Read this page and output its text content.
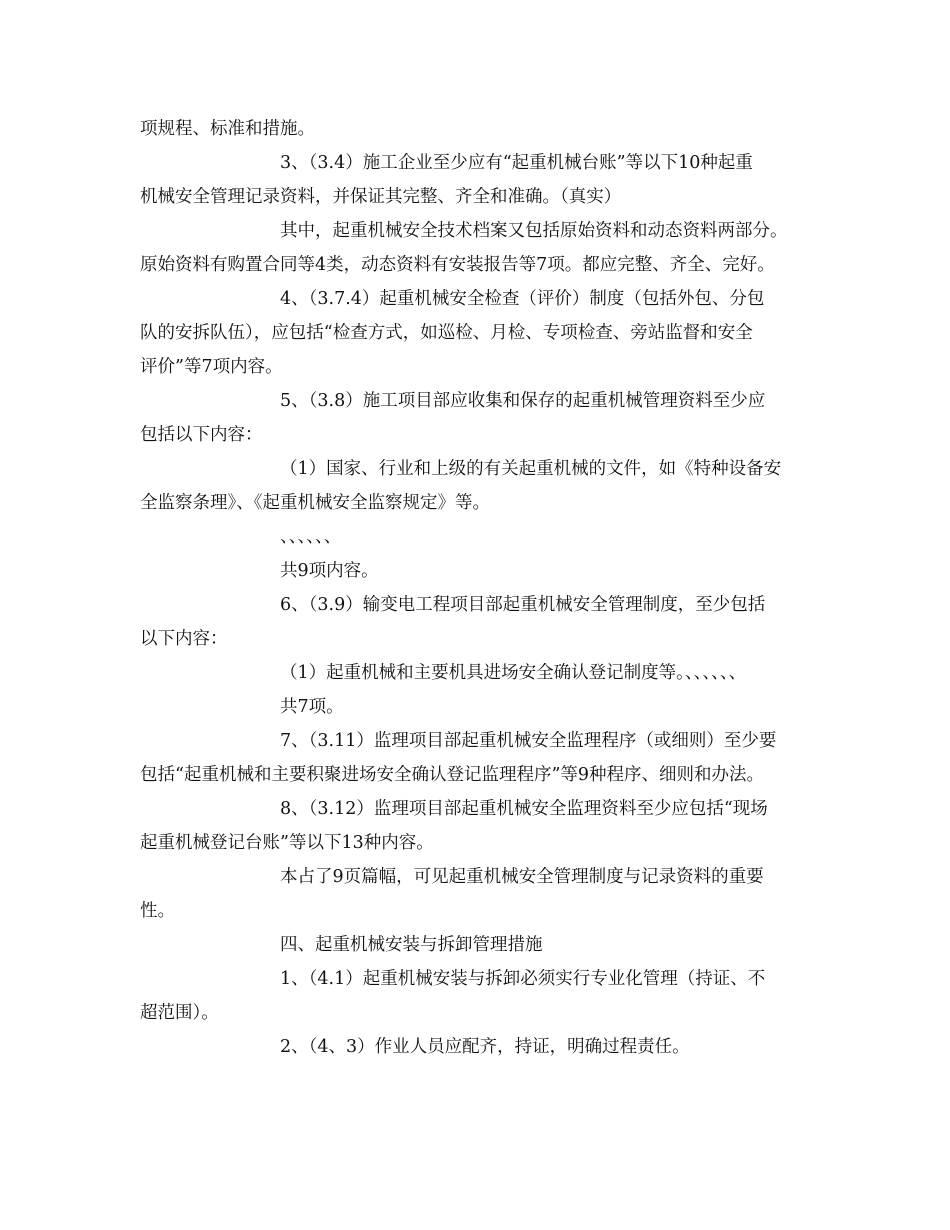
项规程、标准和措施。
3、（3.4）施工企业至少应有“起重机械台账”等以下10种起重
机械安全管理记录资料，并保证其完整、齐全和准确。（真实）
其中，起重机械安全技术档案又包括原始资料和动态资料两部分。
原始资料有购置合同等4类，动态资料有安装报告等7项。都应完整、齐全、完好。
4、（3.7.4）起重机械安全检查（评价）制度（包括外包、分包
队的安拆队伍），应包括“检查方式，如巡检、月检、专项检查、旁站监督和安全
评价”等7项内容。
5、（3.8）施工项目部应收集和保存的起重机械管理资料至少应
包括以下内容：
（1）国家、行业和上级的有关起重机械的文件，如《特种设备安
全监察条理》、《起重机械安全监察规定》等。
、、、、、、
共9项内容。
6、（3.9）输变电工程项目部起重机械安全管理制度，至少包括
以下内容：
（1）起重机械和主要机具进场安全确认登记制度等。、、、、、、
共7项。
7、（3.11）监理项目部起重机械安全监理程序（或细则）至少要
包括“起重机械和主要积聚进场安全确认登记监理程序”等9种程序、细则和办法。
8、（3.12）监理项目部起重机械安全监理资料至少应包括“现场
起重机械登记台账”等以下13种内容。
本占了9页篇幅，可见起重机械安全管理制度与记录资料的重要
性。
四、起重机械安装与拆卸管理措施
1、（4.1）起重机械安装与拆卸必须实行专业化管理（持证、不
超范围）。
2、（4、3）作业人员应配齐，持证，明确过程责任。
